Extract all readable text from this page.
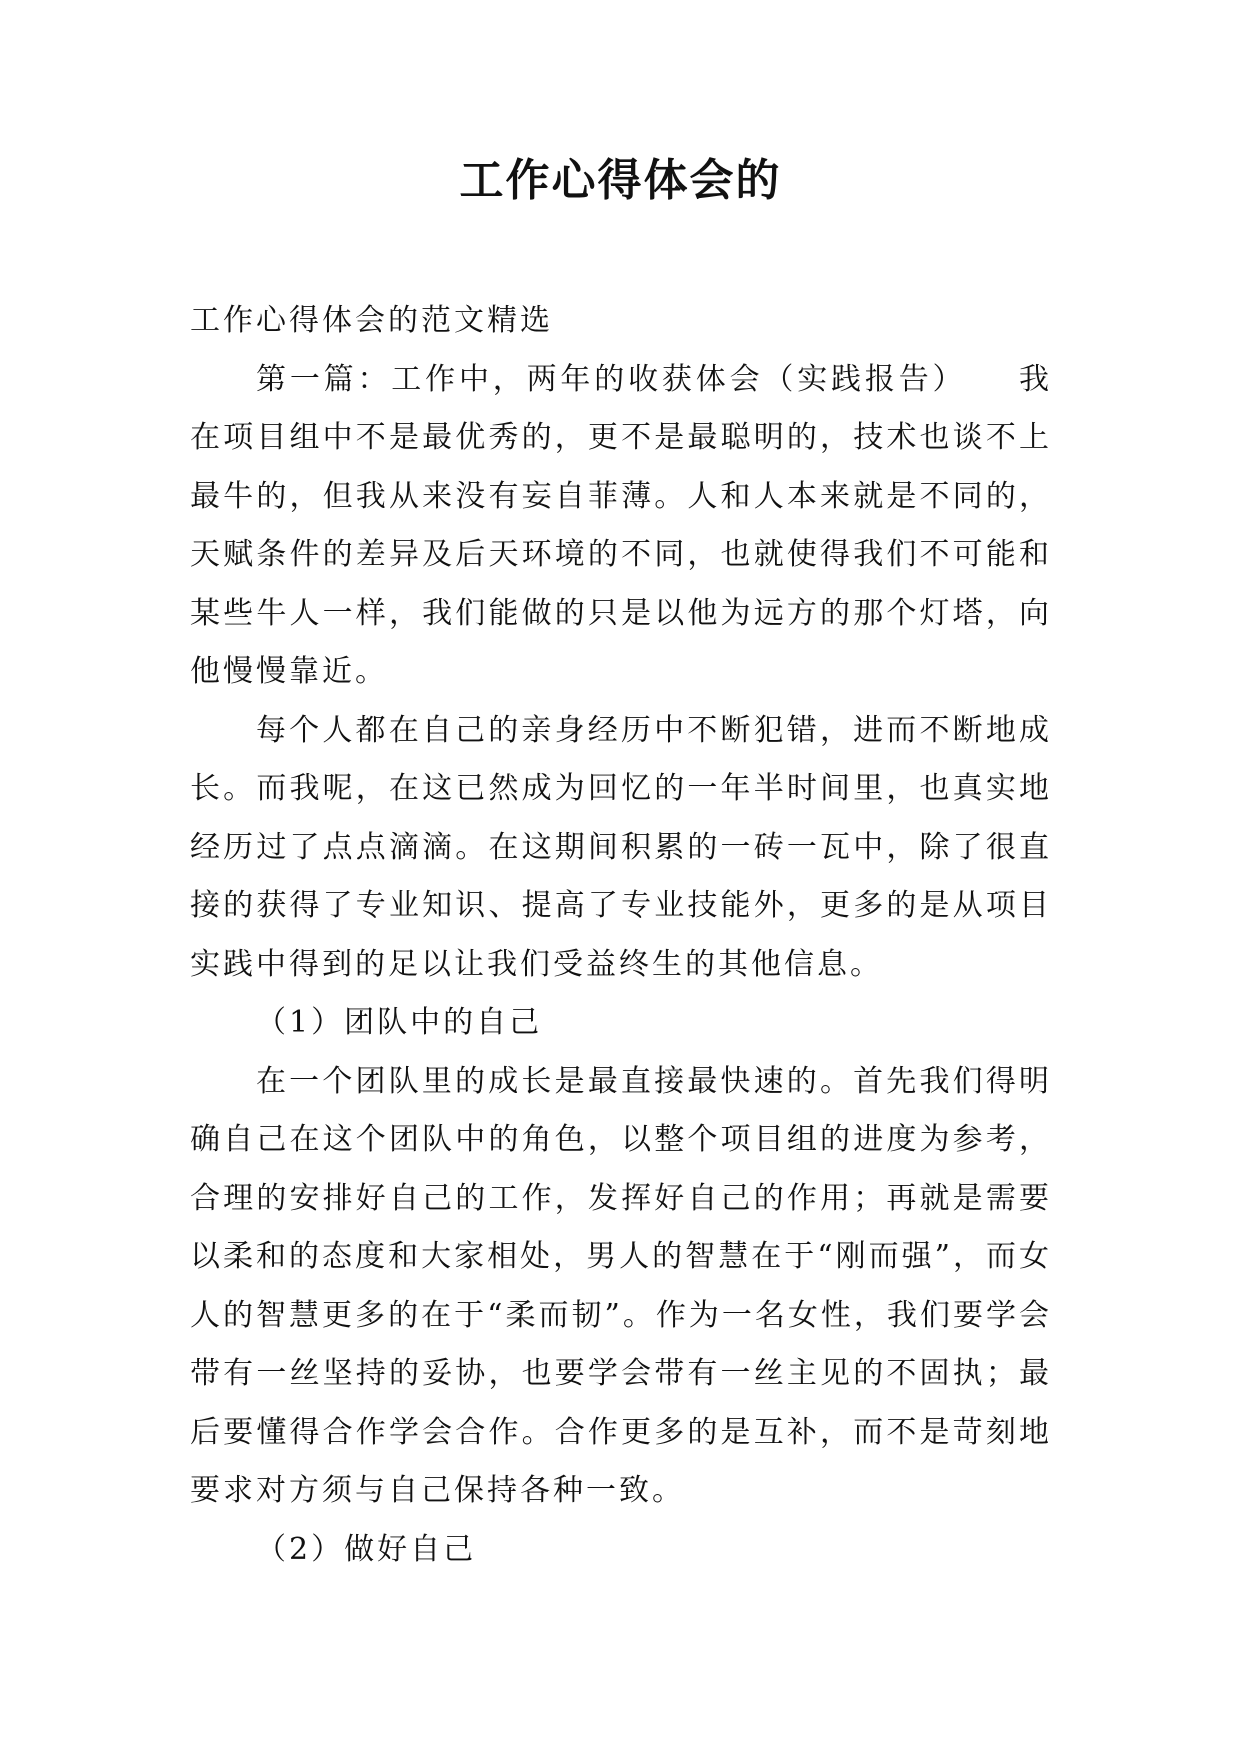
工作心得体会的

工作心得体会的范文精选

第一篇：工作中，两年的收获体会（实践报告）　　我在项目组中不是最优秀的，更不是最聪明的，技术也谈不上最牛的，但我从来没有妄自菲薄。人和人本来就是不同的，天赋条件的差异及后天环境的不同，也就使得我们不可能和某些牛人一样，我们能做的只是以他为远方的那个灯塔，向他慢慢靠近。

每个人都在自己的亲身经历中不断犯错，进而不断地成长。而我呢，在这已然成为回忆的一年半时间里，也真实地经历过了点点滴滴。在这期间积累的一砖一瓦中，除了很直接的获得了专业知识、提高了专业技能外，更多的是从项目实践中得到的足以让我们受益终生的其他信息。

（1）团队中的自己

在一个团队里的成长是最直接最快速的。首先我们得明确自己在这个团队中的角色，以整个项目组的进度为参考，合理的安排好自己的工作，发挥好自己的作用；再就是需要以柔和的态度和大家相处，男人的智慧在于“刚而强”，而女人的智慧更多的在于“柔而韧”。作为一名女性，我们要学会带有一丝坚持的妥协，也要学会带有一丝主见的不固执；最后要懂得合作学会合作。合作更多的是互补，而不是苛刻地要求对方须与自己保持各种一致。

（2）做好自己
